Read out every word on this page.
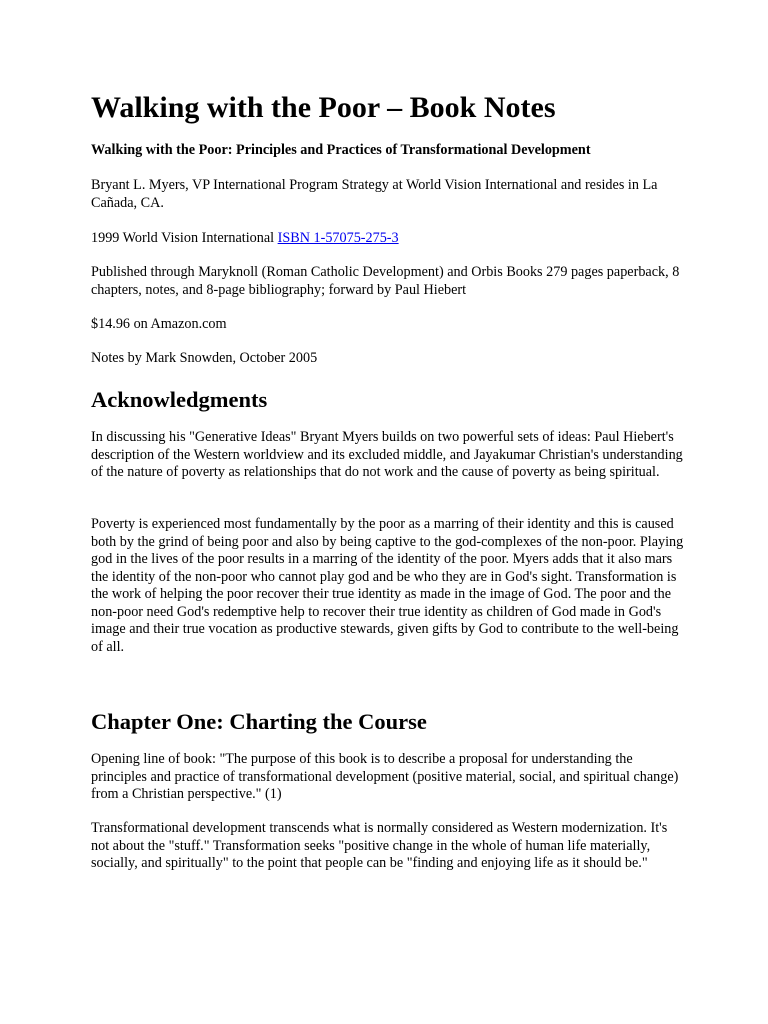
Walking with the Poor – Book Notes

Walking with the Poor: Principles and Practices of Transformational Development

Bryant L. Myers, VP International Program Strategy at World Vision International and resides in La Cañada, CA.

1999 World Vision International ISBN 1-57075-275-3

Published through Maryknoll (Roman Catholic Development) and Orbis Books 279 pages paperback, 8 chapters, notes, and 8-page bibliography; forward by Paul Hiebert

$14.96 on Amazon.com

Notes by Mark Snowden, October 2005

Acknowledgments

In discussing his "Generative Ideas" Bryant Myers builds on two powerful sets of ideas: Paul Hiebert's description of the Western worldview and its excluded middle, and Jayakumar Christian's understanding of the nature of poverty as relationships that do not work and the cause of poverty as being spiritual.

Poverty is experienced most fundamentally by the poor as a marring of their identity and this is caused both by the grind of being poor and also by being captive to the god-complexes of the non-poor. Playing god in the lives of the poor results in a marring of the identity of the poor. Myers adds that it also mars the identity of the non-poor who cannot play god and be who they are in God's sight. Transformation is the work of helping the poor recover their true identity as made in the image of God. The poor and the non-poor need God's redemptive help to recover their true identity as children of God made in God's image and their true vocation as productive stewards, given gifts by God to contribute to the well-being of all.

Chapter One: Charting the Course

Opening line of book: "The purpose of this book is to describe a proposal for understanding the principles and practice of transformational development (positive material, social, and spiritual change) from a Christian perspective." (1)

Transformational development transcends what is normally considered as Western modernization. It's not about the "stuff." Transformation seeks "positive change in the whole of human life materially, socially, and spiritually" to the point that people can be "finding and enjoying life as it should be."
